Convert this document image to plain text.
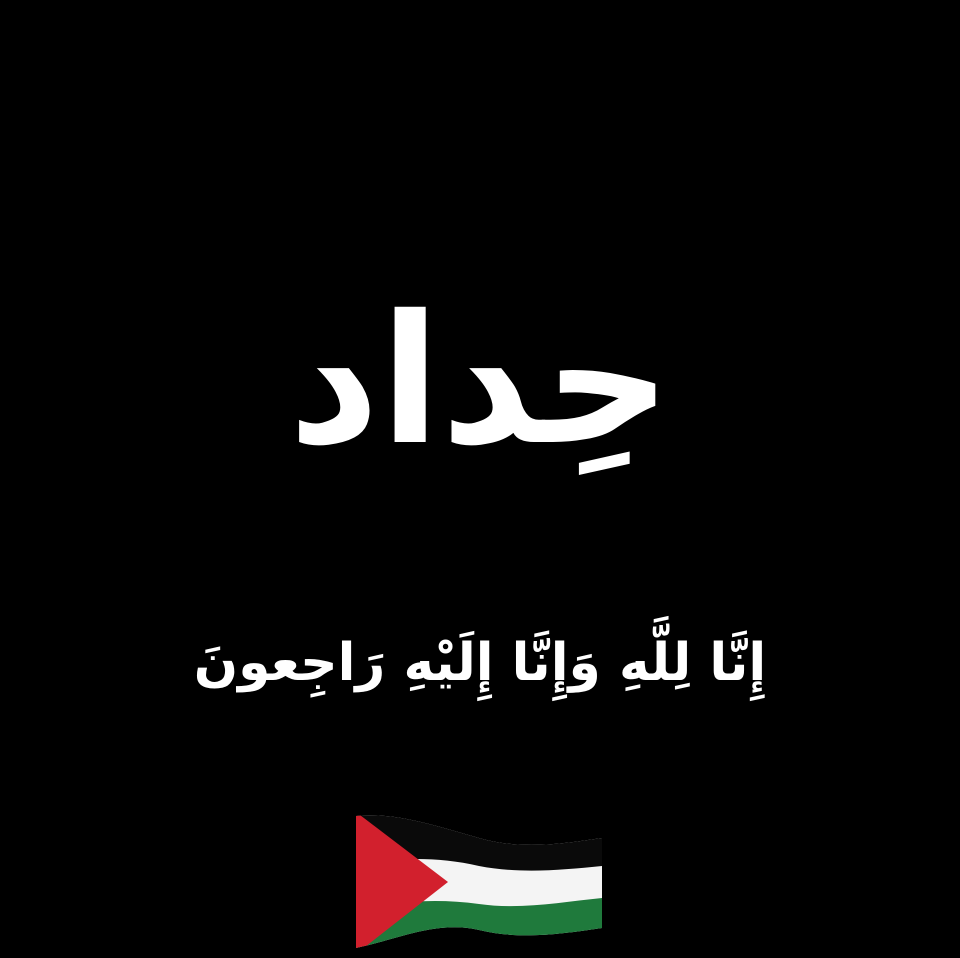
حِداد
إِنَّا لِلَّهِ وَإِنَّا إِلَيْهِ رَاجِعونَ
